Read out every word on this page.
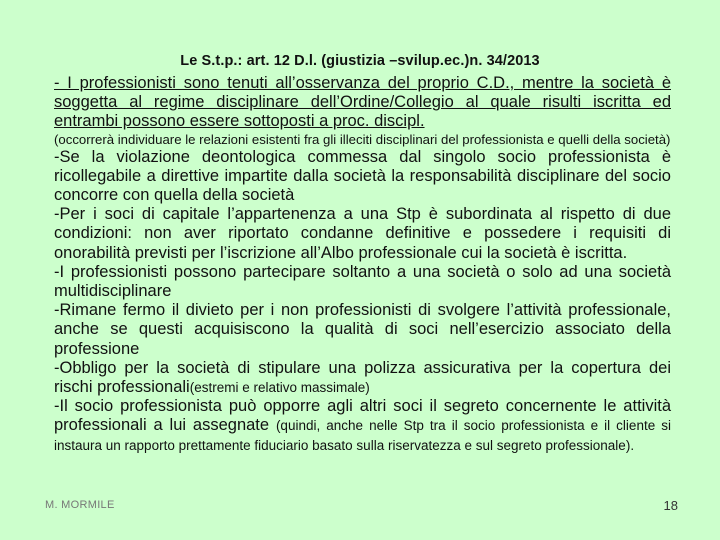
Le S.t.p.: art. 12 D.l. (giustizia –svilup.ec.)n. 34/2013

- I professionisti sono tenuti all’osservanza del proprio C.D., mentre la società è soggetta al regime disciplinare dell’Ordine/Collegio al quale risulti iscritta ed entrambi possono essere sottoposti a proc. discipl.

(occorrerà individuare le relazioni esistenti fra gli illeciti disciplinari del professionista e quelli della società)

-Se la violazione deontologica commessa dal singolo socio professionista è ricollegabile a direttive impartite dalla società la responsabilità disciplinare del socio concorre con quella della società

-Per i soci di capitale l’appartenenza a una Stp è subordinata al rispetto di due condizioni: non aver riportato condanne definitive e possedere i requisiti di onorabilità previsti per l’iscrizione all’Albo professionale cui la società è iscritta.

-I professionisti possono partecipare soltanto a una società o solo ad una società multidisciplinare

-Rimane fermo il divieto per i non professionisti di svolgere l’attività professionale, anche se questi acquisiscono la qualità di soci nell’esercizio associato della professione

-Obbligo per la società di stipulare una polizza assicurativa per la copertura dei rischi professionali(estremi e relativo massimale)

-Il socio professionista può opporre agli altri soci il segreto concernente le attività professionali a lui assegnate (quindi, anche nelle Stp tra il socio professionista e il cliente si instaura un rapporto prettamente fiduciario basato sulla riservatezza e sul segreto professionale).

M. MORMILE	18
